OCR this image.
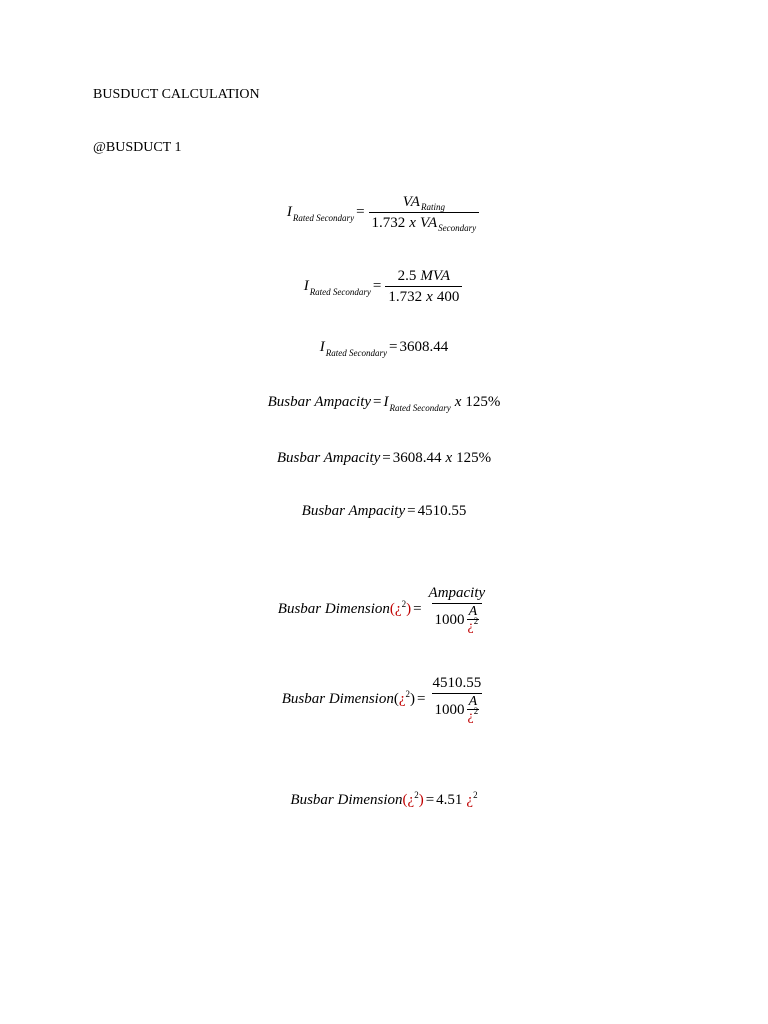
BUSDUCT CALCULATION
@BUSDUCT 1
I Rated Secondary = $\frac{\text{VA Rating}}{\text{1.732 x VA Secondary}}$
I Rated Secondary = $\frac{\text{2.5 MVA}}{1.732 x 400}$
I Rated Secondary = 3608.44
Busbar Ampacity = I Rated Secondary x 125 %
Busbar Ampacity = 3608.44 x 125 %
Busbar Ampacity = 4510.55
Busbar Dimension (¿$^2$) = $\frac{\text{Ampacity}}{1000 \frac{A}{¿^2}}$
Busbar Dimension (¿$^2$) = $\frac{4510.55}{1000 \frac{A}{¿^2}}$
Busbar Dimension (¿$^2$) = 4.51 ¿ 2
